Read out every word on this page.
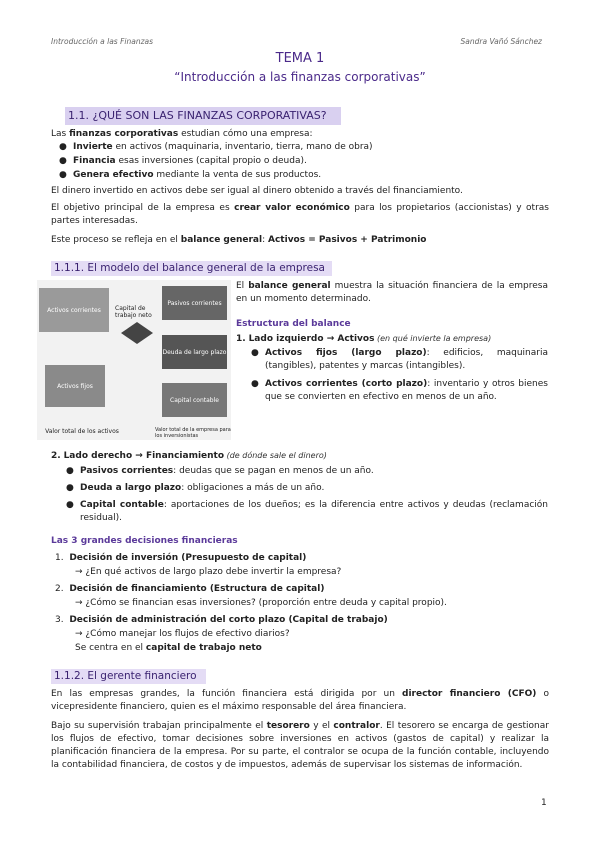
Introducción a las Finanzas	Sandra Vañó Sánchez
TEMA 1
“Introducción a las finanzas corporativas”
1.1. ¿QUÉ SON LAS FINANZAS CORPORATIVAS?
Las finanzas corporativas estudian cómo una empresa:
● Invierte en activos (maquinaria, inventario, tierra, mano de obra)
● Financia esas inversiones (capital propio o deuda).
● Genera efectivo mediante la venta de sus productos.
El dinero invertido en activos debe ser igual al dinero obtenido a través del financiamiento.
El objetivo principal de la empresa es crear valor económico para los propietarios (accionistas) y otras partes interesadas.
Este proceso se refleja en el balance general: Activos = Pasivos + Patrimonio
1.1.1. El modelo del balance general de la empresa
Activos corrientes
Pasivos corrientes
Deuda de largo plazo
Capital contable
Capital de trabajo neto
Activos fijos
Valor total de los activos	Valor total de la empresa para los inversionistas
El balance general muestra la situación financiera de la empresa en un momento determinado.
Estructura del balance
1. Lado izquierdo → Activos (en qué invierte la empresa)
● Activos fijos (largo plazo): edificios, maquinaria (tangibles), patentes y marcas (intangibles).
● Activos corrientes (corto plazo): inventario y otros bienes que se convierten en efectivo en menos de un año.
2. Lado derecho → Financiamiento (de dónde sale el dinero)
● Pasivos corrientes: deudas que se pagan en menos de un año.
● Deuda a largo plazo: obligaciones a más de un año.
● Capital contable: aportaciones de los dueños; es la diferencia entre activos y deudas (reclamación residual).
Las 3 grandes decisiones financieras
1. Decisión de inversión (Presupuesto de capital)
→ ¿En qué activos de largo plazo debe invertir la empresa?
2. Decisión de financiamiento (Estructura de capital)
→ ¿Cómo se financian esas inversiones? (proporción entre deuda y capital propio).
3. Decisión de administración del corto plazo (Capital de trabajo)
→ ¿Cómo manejar los flujos de efectivo diarios?
Se centra en el capital de trabajo neto
1.1.2. El gerente financiero
En las empresas grandes, la función financiera está dirigida por un director financiero (CFO) o vicepresidente financiero, quien es el máximo responsable del área financiera.
Bajo su supervisión trabajan principalmente el tesorero y el contralor. El tesorero se encarga de gestionar los flujos de efectivo, tomar decisiones sobre inversiones en activos (gastos de capital) y realizar la planificación financiera de la empresa. Por su parte, el contralor se ocupa de la función contable, incluyendo la contabilidad financiera, de costos y de impuestos, además de supervisar los sistemas de información.
1
